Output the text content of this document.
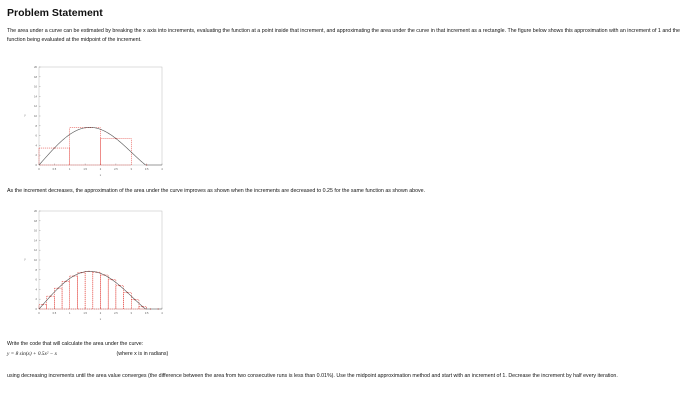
Problem Statement

The area under a curve can be estimated by breaking the x axis into increments, evaluating the function at a point inside that increment, and approximating the area under the curve in that increment as a rectangle. The figure below shows this approximation with an increment of 1 and the function being evaluated at the midpoint of the increment.

0
2
4
6
8
10
12
14
16
18
20
0	0.5	1	1.5	2	2.5	3	3.5	4
x
y

As the increment decreases, the approximation of the area under the curve improves as shown when the increments are decreased to 0.25 for the same function as shown above.

0
2
4
6
8
10
12
14
16
18
20
0	0.5	1	1.5	2	2.5	3	3.5	4
x
y

Write the code that will calculate the area under the curve:

y = 8 sin(x) + 0.5x² − x	(where x is in radians)

using decreasing increments until the area value converges (the difference between the area from two consecutive runs is less than 0.01%). Use the midpoint approximation method and start with an increment of 1. Decrease the increment by half every iteration.
